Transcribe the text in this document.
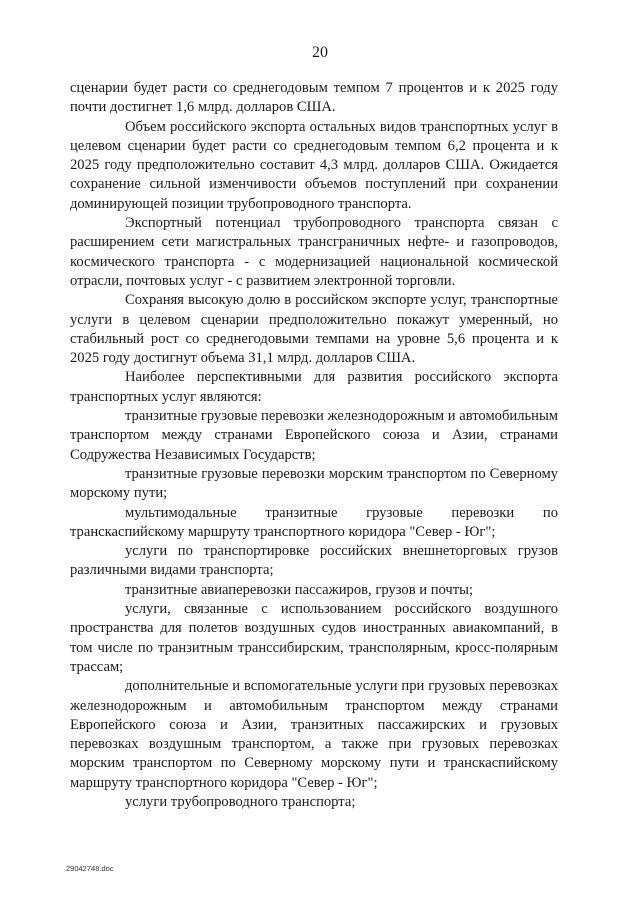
20

сценарии будет расти со среднегодовым темпом 7 процентов и к 2025 году почти достигнет 1,6 млрд. долларов США.

Объем российского экспорта остальных видов транспортных услуг в целевом сценарии будет расти со среднегодовым темпом 6,2 процента и к 2025 году предположительно составит 4,3 млрд. долларов США. Ожидается сохранение сильной изменчивости объемов поступлений при сохранении доминирующей позиции трубопроводного транспорта.

Экспортный потенциал трубопроводного транспорта связан с расширением сети магистральных трансграничных нефте- и газопроводов, космического транспорта - с модернизацией национальной космической отрасли, почтовых услуг - с развитием электронной торговли.

Сохраняя высокую долю в российском экспорте услуг, транспортные услуги в целевом сценарии предположительно покажут умеренный, но стабильный рост со среднегодовыми темпами на уровне 5,6 процента и к 2025 году достигнут объема 31,1 млрд. долларов США.

Наиболее перспективными для развития российского экспорта транспортных услуг являются:

транзитные грузовые перевозки железнодорожным и автомобильным транспортом между странами Европейского союза и Азии, странами Содружества Независимых Государств;

транзитные грузовые перевозки морским транспортом по Северному морскому пути;

мультимодальные транзитные грузовые перевозки по транскаспийскому маршруту транспортного коридора "Север - Юг";

услуги по транспортировке российских внешнеторговых грузов различными видами транспорта;

транзитные авиаперевозки пассажиров, грузов и почты;

услуги, связанные с использованием российского воздушного пространства для полетов воздушных судов иностранных авиакомпаний, в том числе по транзитным транссибирским, трансполярным, кросс-полярным трассам;

дополнительные и вспомогательные услуги при грузовых перевозках железнодорожным и автомобильным транспортом между странами Европейского союза и Азии, транзитных пассажирских и грузовых перевозках воздушным транспортом, а также при грузовых перевозках морским транспортом по Северному морскому пути и транскаспийскому маршруту транспортного коридора "Север - Юг";

услуги трубопроводного транспорта;

29042748.doc
